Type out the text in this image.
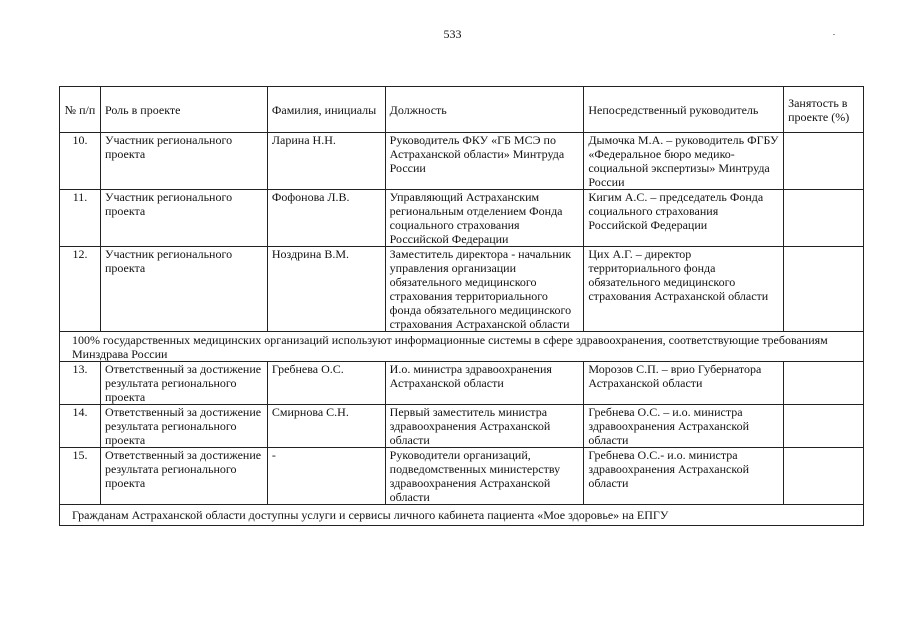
533
№ п/п	Роль в проекте	Фамилия, инициалы	Должность	Непосредственный руководитель	Занятость в проекте (%)
10.	Участник регионального проекта	Ларина Н.Н.	Руководитель ФКУ «ГБ МСЭ по Астраханской области» Минтруда России	Дымочка М.А. – руководитель ФГБУ «Федеральное бюро медико-социальной экспертизы» Минтруда России	
11.	Участник регионального проекта	Фофонова Л.В.	Управляющий Астраханским региональным отделением Фонда социального страхования Российской Федерации	Кигим А.С. – председатель Фонда социального страхования Российской Федерации	
12.	Участник регионального проекта	Ноздрина В.М.	Заместитель директора - начальник управления организации обязательного медицинского страхования территориального фонда обязательного медицинского страхования Астраханской области	Цих А.Г. – директор территориального фонда обязательного медицинского страхования Астраханской области	
100% государственных медицинских организаций используют информационные системы в сфере здравоохранения, соответствующие требованиям Минздрава России					
13.	Ответственный за достижение результата регионального проекта	Гребнева О.С.	И.о. министра здравоохранения Астраханской области	Морозов С.П. – врио Губернатора Астраханской области	
14.	Ответственный за достижение результата регионального проекта	Смирнова С.Н.	Первый заместитель министра здравоохранения Астраханской области	Гребнева О.С. – и.о. министра здравоохранения Астраханской области	
15.	Ответственный за достижение результата регионального проекта	-	Руководители организаций, подведомственных министерству здравоохранения Астраханской области	Гребнева О.С.- и.о. министра здравоохранения Астраханской области	
Гражданам Астраханской области доступны услуги и сервисы личного кабинета пациента «Мое здоровье» на ЕПГУ					
